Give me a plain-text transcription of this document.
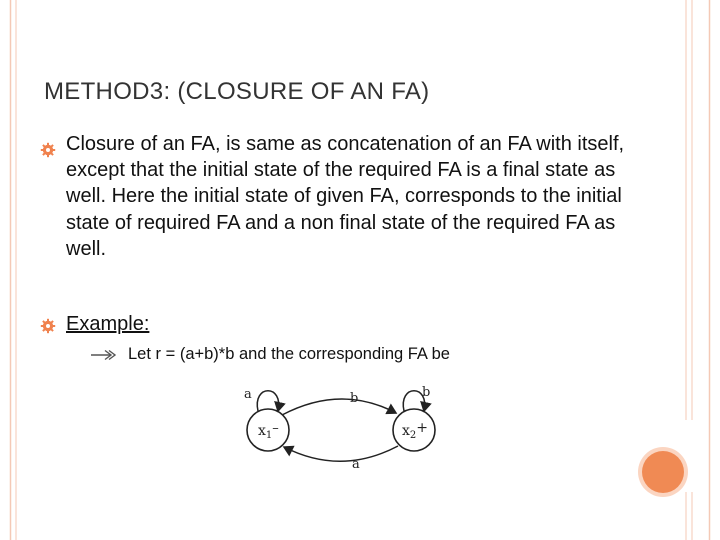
METHOD3: (CLOSURE OF AN FA)
Closure of an FA, is same as concatenation of an FA with itself, except that the initial state of the required FA is a final state as well. Here the initial state of given FA, corresponds to the initial state of required FA and a non final state of the required FA as well.
Example:
Let r = (a+b)*b and the corresponding FA be
$x_1-$
a
$x_2+$
b
b
a
